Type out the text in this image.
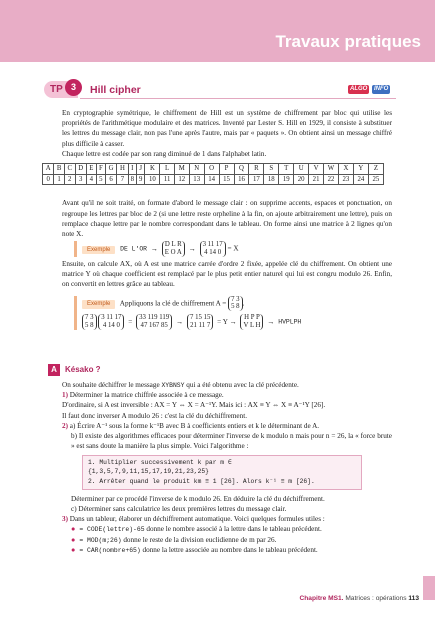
Travaux pratiques
TP 3	Hill cipher	ALGO	INFO

En cryptographie symétrique, le chiffrement de Hill est un système de chiffrement par bloc qui utilise les propriétés de l'arithmétique modulaire et des matrices. Inventé par Lester S. Hill en 1929, il consiste à substituer les lettres du message clair, non pas l'une après l'autre, mais par « paquets ». On obtient ainsi un message chiffré plus difficile à casser.

Chaque lettre est codée par son rang diminué de 1 dans l'alphabet latin.

A	B	C	D	E	F	G	H	I	J	K	L	M	N	O	P	Q	R	S	T	U	V	W	X	Y	Z
0	1	2	3	4	5	6	7	8	9	10	11	12	13	14	15	16	17	18	19	20	21	22	23	24	25

Avant qu'il ne soit traité, on formate d'abord le message clair : on supprime accents, espaces et ponctuation, on regroupe les lettres par bloc de 2 (si une lettre reste orpheline à la fin, on ajoute arbitrairement une lettre), puis on remplace chaque lettre par le nombre correspondant dans le tableau. On forme ainsi une matrice à 2 lignes qu'on note X.

Exemple DE L'OR →
D L R
E O A →
3 11 17
4 14 0 = X

Ensuite, on calcule AX, où A est une matrice carrée d'ordre 2 fixée, appelée clé du chiffrement. On obtient une matrice Y où chaque coefficient est remplacé par le plus petit entier naturel qui lui est congru modulo 26. Enfin, on convertit en lettres grâce au tableau.

Exemple Appliquons la clé de chiffrement A = 7 3
5 8 .
7 3
5 8

3 11 17
4 14 0 =
33 119 119
47 167 85 →
7 15 15
21 11 7 = Y →
H P P
V L H → HVPLPH
A	Késako ?

On souhaite déchiffrer le message XYBNSY qui a été obtenu avec la clé précédente.

1) Déterminer la matrice chiffrée associée à ce message.

D'ordinaire, si A est inversible : AX = Y ⇔ X = A⁻¹Y. Mais ici : AX ≡ Y ⇔ X ≡ A⁻¹Y [26].

Il faut donc inverser A modulo 26 : c'est la clé du déchiffrement.

2) a) Écrire A⁻¹ sous la forme k⁻¹B avec B à coefficients entiers et k le déterminant de A.

b) Il existe des algorithmes efficaces pour déterminer l'inverse de k modulo n mais pour n = 26, la « force brute » est sans doute la manière la plus simple. Voici l'algorithme :

1. Multiplier successivement k par m ∈ {1,3,5,7,9,11,15,17,19,21,23,25}
2. Arrêter quand le produit km ≡ 1 [26]. Alors k⁻¹ ≡ m [26].

Déterminer par ce procédé l'inverse de k modulo 26. En déduire la clé du déchiffrement.

c) Déterminer sans calculatrice les deux premières lettres du message clair.

3) Dans un tableur, élaborer un déchiffrement automatique. Voici quelques formules utiles :

● = CODE(lettre)-65 donne le nombre associé à la lettre dans le tableau précédent.

● = MOD(m;26) donne le reste de la division euclidienne de m par 26.

● = CAR(nombre+65) donne la lettre associée au nombre dans le tableau précédent.

Chapitre MS1. Matrices : opérations 113
